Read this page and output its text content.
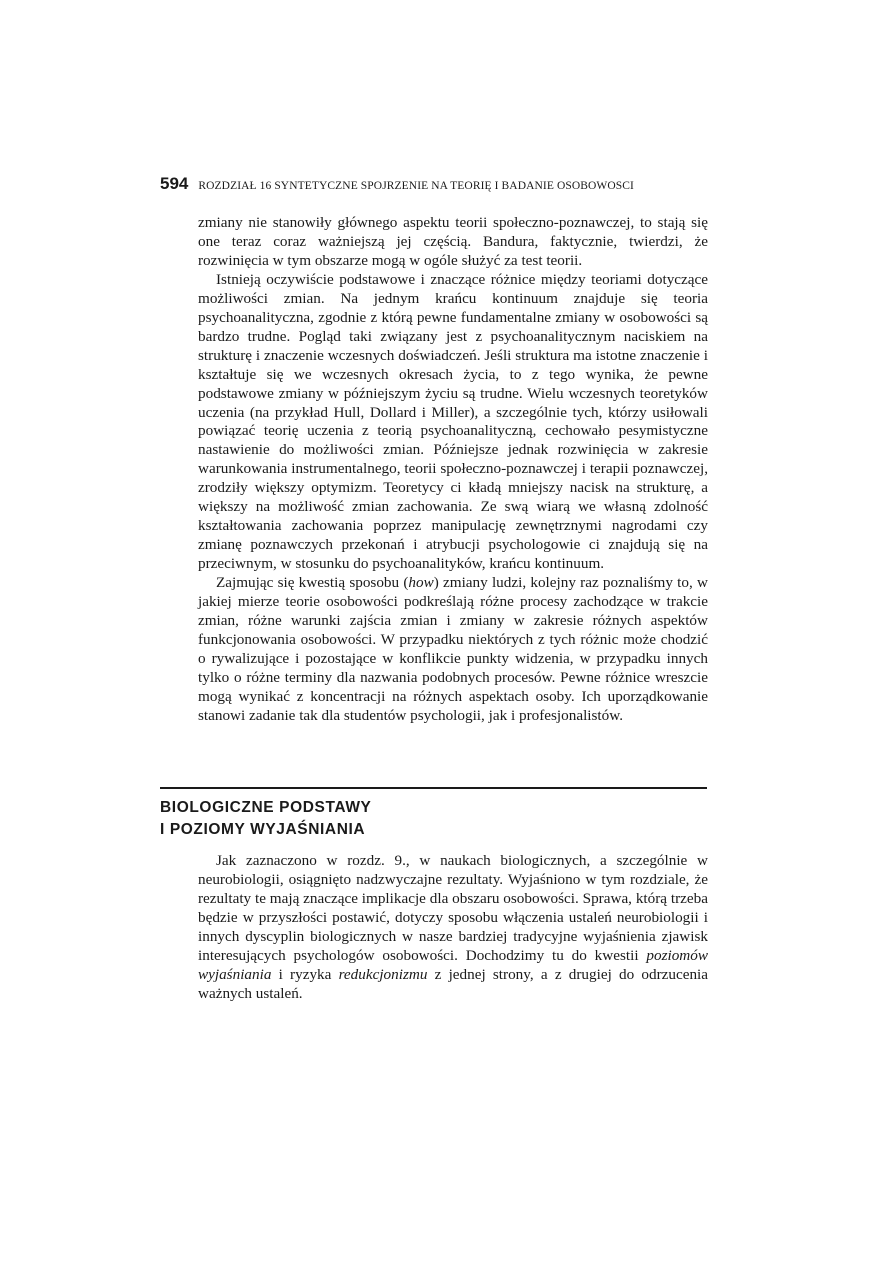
594 ROZDZIAŁ 16 SYNTETYCZNE SPOJRZENIE NA TEORIĘ I BADANIE OSOBOWOSCI

zmiany nie stanowiły głównego aspektu teorii społeczno-poznawczej, to stają się one teraz coraz ważniejszą jej częścią. Bandura, faktycznie, twierdzi, że rozwinięcia w tym obszarze mogą w ogóle służyć za test teorii.

Istnieją oczywiście podstawowe i znaczące różnice między teoriami dotyczące możliwości zmian. Na jednym krańcu kontinuum znajduje się teoria psychoanalityczna, zgodnie z którą pewne fundamentalne zmiany w osobowości są bardzo trudne. Pogląd taki związany jest z psychoanalitycznym naciskiem na strukturę i znaczenie wczesnych doświadczeń. Jeśli struktura ma istotne znaczenie i kształtuje się we wczesnych okresach życia, to z tego wynika, że pewne podstawowe zmiany w późniejszym życiu są trudne. Wielu wczesnych teoretyków uczenia (na przykład Hull, Dollard i Miller), a szczególnie tych, którzy usiłowali powiązać teorię uczenia z teorią psychoanalityczną, cechowało pesymistyczne nastawienie do możliwości zmian. Późniejsze jednak rozwinięcia w zakresie warunkowania instrumentalnego, teorii społeczno-poznawczej i terapii poznawczej, zrodziły większy optymizm. Teoretycy ci kładą mniejszy nacisk na strukturę, a większy na możliwość zmian zachowania. Ze swą wiarą we własną zdolność kształtowania zachowania poprzez manipulację zewnętrznymi nagrodami czy zmianę poznawczych przekonań i atrybucji psychologowie ci znajdują się na przeciwnym, w stosunku do psychoanalityków, krańcu kontinuum.

Zajmując się kwestią sposobu (how) zmiany ludzi, kolejny raz poznaliśmy to, w jakiej mierze teorie osobowości podkreślają różne procesy zachodzące w trakcie zmian, różne warunki zajścia zmian i zmiany w zakresie różnych aspektów funkcjonowania osobowości. W przypadku niektórych z tych różnic może chodzić o rywalizujące i pozostające w konflikcie punkty widzenia, w przypadku innych tylko o różne terminy dla nazwania podobnych procesów. Pewne różnice wreszcie mogą wynikać z koncentracji na różnych aspektach osoby. Ich uporządkowanie stanowi zadanie tak dla studentów psychologii, jak i profesjonalistów.

BIOLOGICZNE PODSTAWY
I POZIOMY WYJAŚNIANIA

Jak zaznaczono w rozdz. 9., w naukach biologicznych, a szczególnie w neurobiologii, osiągnięto nadzwyczajne rezultaty. Wyjaśniono w tym rozdziale, że rezultaty te mają znaczące implikacje dla obszaru osobowości. Sprawa, którą trzeba będzie w przyszłości postawić, dotyczy sposobu włączenia ustaleń neurobiologii i innych dyscyplin biologicznych w nasze bardziej tradycyjne wyjaśnienia zjawisk interesujących psychologów osobowości. Dochodzimy tu do kwestii poziomów wyjaśniania i ryzyka redukcjonizmu z jednej strony, a z drugiej do odrzucenia ważnych ustaleń.
